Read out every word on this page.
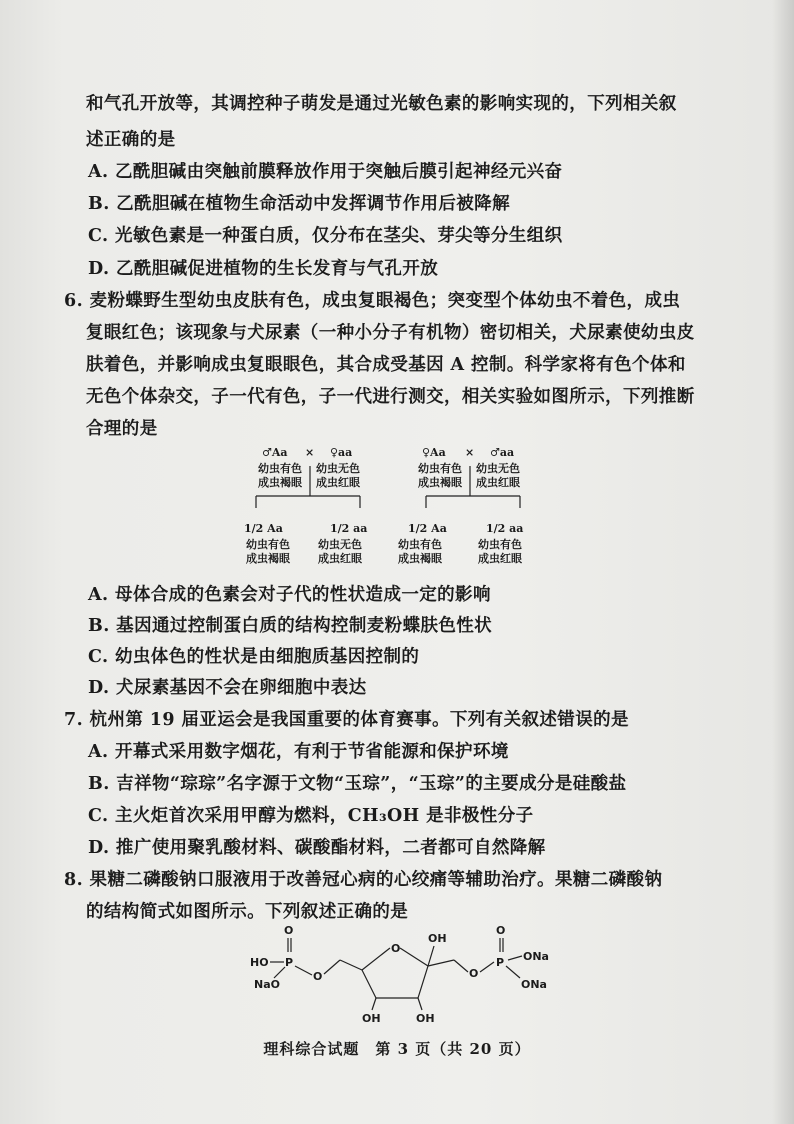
和气孔开放等，其调控种子萌发是通过光敏色素的影响实现的，下列相关叙
述正确的是
A. 乙酰胆碱由突触前膜释放作用于突触后膜引起神经元兴奋
B. 乙酰胆碱在植物生命活动中发挥调节作用后被降解
C. 光敏色素是一种蛋白质，仅分布在茎尖、芽尖等分生组织
D. 乙酰胆碱促进植物的生长发育与气孔开放
6. 麦粉蝶野生型幼虫皮肤有色，成虫复眼褐色；突变型个体幼虫不着色，成虫
复眼红色；该现象与犬尿素（一种小分子有机物）密切相关，犬尿素使幼虫皮
肤着色，并影响成虫复眼眼色，其合成受基因 A 控制。科学家将有色个体和
无色个体杂交，子一代有色，子一代进行测交，相关实验如图所示，下列推断
合理的是
♂Aa × ♀aa
幼虫有色
成虫褐眼
幼虫无色
成虫红眼
1/2 Aa
幼虫有色
成虫褐眼
1/2 aa
幼虫无色
成虫红眼
♀Aa × ♂aa
幼虫有色
成虫褐眼
幼虫无色
成虫红眼
1/2 Aa
幼虫有色
成虫褐眼
1/2 aa
幼虫有色
成虫红眼
A. 母体合成的色素会对子代的性状造成一定的影响
B. 基因通过控制蛋白质的结构控制麦粉蝶肤色性状
C. 幼虫体色的性状是由细胞质基因控制的
D. 犬尿素基因不会在卵细胞中表达
7. 杭州第 19 届亚运会是我国重要的体育赛事。下列有关叙述错误的是
A. 开幕式采用数字烟花，有利于节省能源和保护环境
B. 吉祥物“琮琮”名字源于文物“玉琮”，“玉琮”的主要成分是硅酸盐
C. 主火炬首次采用甲醇为燃料，CH₃OH 是非极性分子
D. 推广使用聚乳酸材料、碳酸酯材料，二者都可自然降解
8. 果糖二磷酸钠口服液用于改善冠心病的心绞痛等辅助治疗。果糖二磷酸钠
的结构简式如图所示。下列叙述正确的是
O
HO P
NaO
O
O
OH
OH	OH
O
P
O
ONa
ONa
理科综合试题　第 3 页（共 20 页）
